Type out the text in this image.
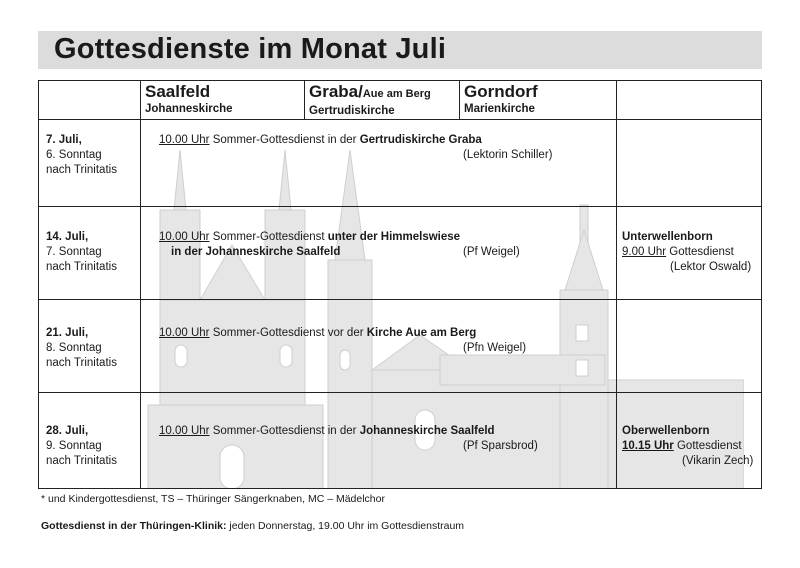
Gottesdienste im Monat Juli
Saalfeld
Johanneskirche
Graba/Aue am Berg
Gertrudiskirche
Gorndorf
Marienkirche
7. Juli,
6. Sonntag
nach Trinitatis
10.00 Uhr Sommer-Gottesdienst in der Gertrudiskirche Graba
(Lektorin Schiller)
14. Juli,
7. Sonntag
nach Trinitatis
10.00 Uhr Sommer-Gottesdienst unter der Himmelswiese
in der Johanneskirche Saalfeld	(Pf Weigel)
21. Juli,
8. Sonntag
nach Trinitatis
10.00 Uhr Sommer-Gottesdienst vor der Kirche Aue am Berg
(Pfn Weigel)
28. Juli,
9. Sonntag
nach Trinitatis
10.00 Uhr Sommer-Gottesdienst in der Johanneskirche Saalfeld
(Pf Sparsbrod)
Unterwellenborn
9.00 Uhr Gottesdienst
(Lektor Oswald)
Oberwellenborn
10.15 Uhr Gottesdienst
(Vikarin Zech)
* und Kindergottesdienst, TS – Thüringer Sängerknaben, MC – Mädelchor
Gottesdienst in der Thüringen-Klinik: jeden Donnerstag, 19.00 Uhr im Gottesdienstraum
